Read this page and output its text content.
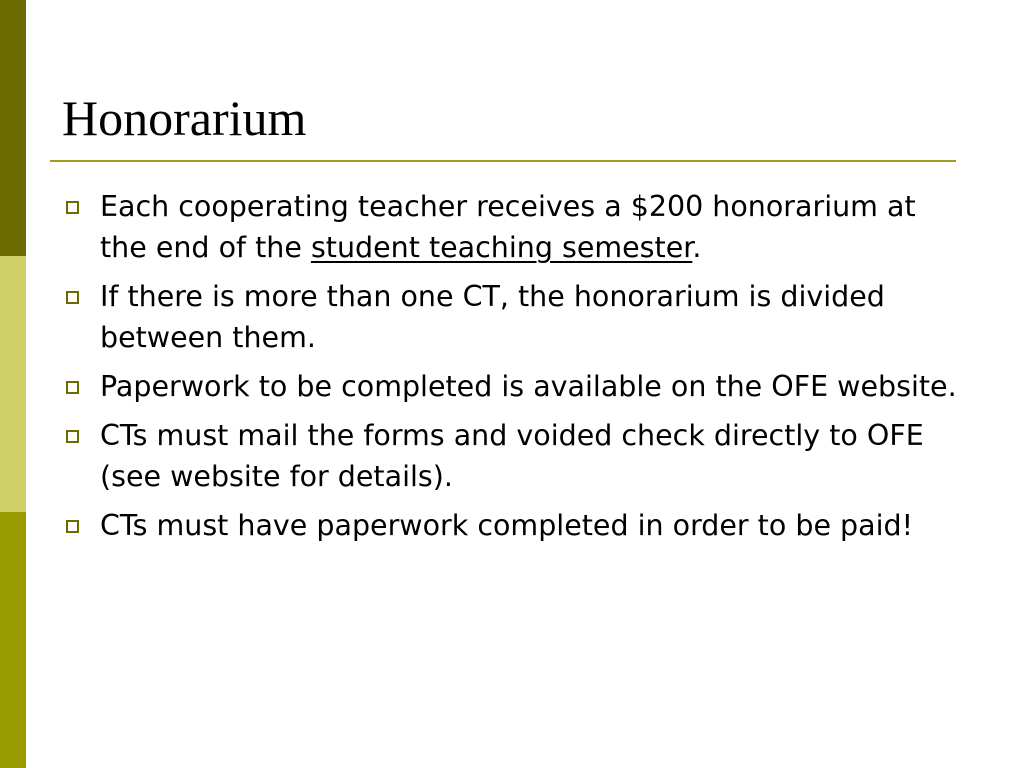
Honorarium
Each cooperating teacher receives a $200 honorarium at the end of the student teaching semester.
If there is more than one CT, the honorarium is divided between them.
Paperwork to be completed is available on the OFE website.
CTs must mail the forms and voided check directly to OFE (see website for details).
CTs must have paperwork completed in order to be paid!
